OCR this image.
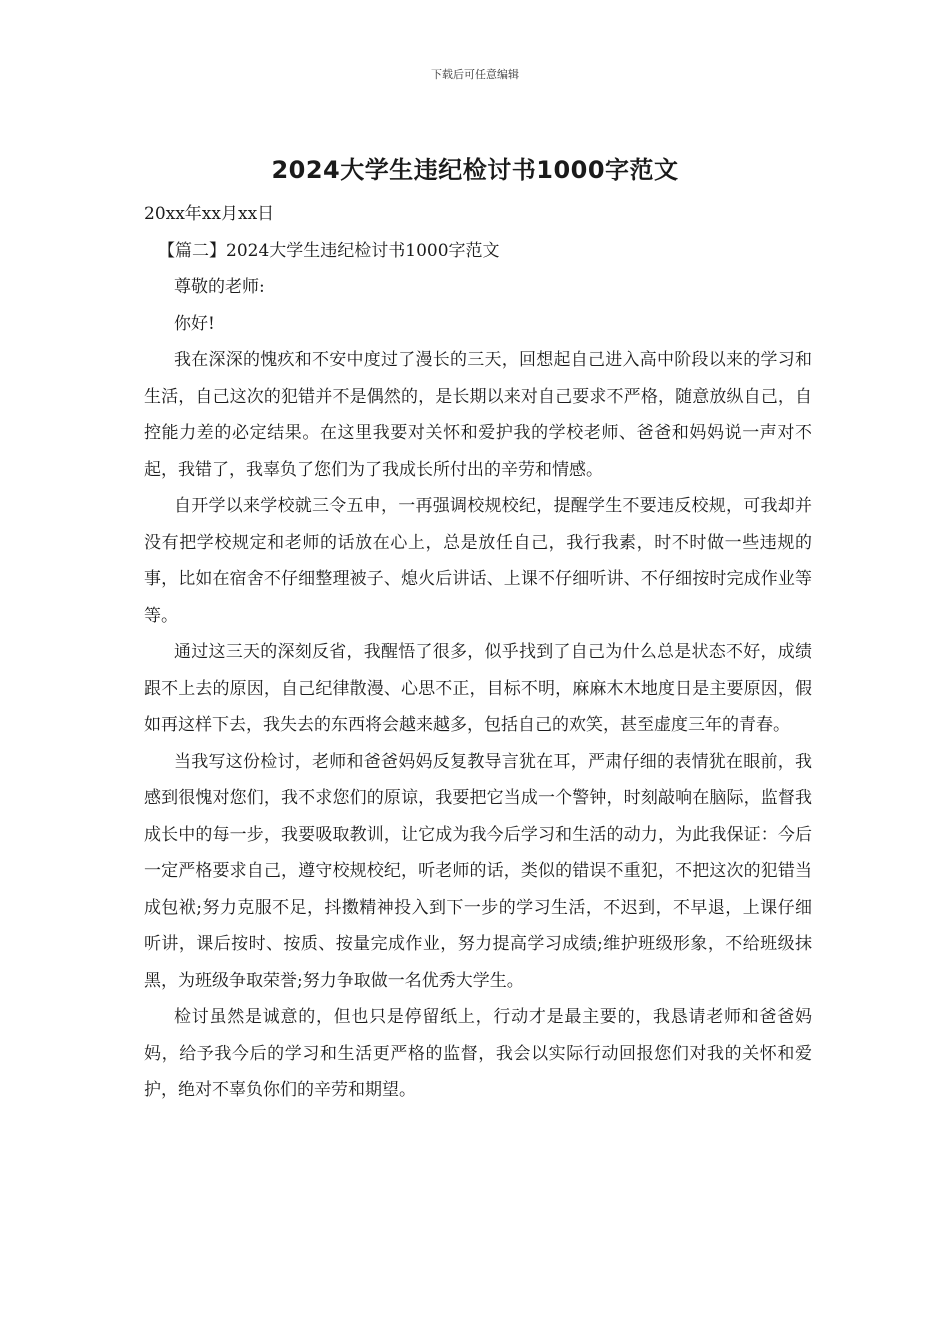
下载后可任意编辑
2024大学生违纪检讨书1000字范文

20xx年xx月xx日

【篇二】2024大学生违纪检讨书1000字范文

尊敬的老师:

你好!

我在深深的愧疚和不安中度过了漫长的三天，回想起自己进入高中阶段以来的学习和生活，自己这次的犯错并不是偶然的，是长期以来对自己要求不严格，随意放纵自己，自控能力差的必定结果。在这里我要对关怀和爱护我的学校老师、爸爸和妈妈说一声对不起，我错了，我辜负了您们为了我成长所付出的辛劳和情感。

自开学以来学校就三令五申，一再强调校规校纪，提醒学生不要违反校规，可我却并没有把学校规定和老师的话放在心上，总是放任自己，我行我素，时不时做一些违规的事，比如在宿舍不仔细整理被子、熄火后讲话、上课不仔细听讲、不仔细按时完成作业等等。

通过这三天的深刻反省，我醒悟了很多，似乎找到了自己为什么总是状态不好，成绩跟不上去的原因，自己纪律散漫、心思不正，目标不明，麻麻木木地度日是主要原因，假如再这样下去，我失去的东西将会越来越多，包括自己的欢笑，甚至虚度三年的青春。

当我写这份检讨，老师和爸爸妈妈反复教导言犹在耳，严肃仔细的表情犹在眼前，我感到很愧对您们，我不求您们的原谅，我要把它当成一个警钟，时刻敲响在脑际，监督我成长中的每一步，我要吸取教训，让它成为我今后学习和生活的动力，为此我保证：今后一定严格要求自己，遵守校规校纪，听老师的话，类似的错误不重犯，不把这次的犯错当成包袱;努力克服不足，抖擞精神投入到下一步的学习生活，不迟到，不早退，上课仔细听讲，课后按时、按质、按量完成作业，努力提高学习成绩;维护班级形象，不给班级抹黑，为班级争取荣誉;努力争取做一名优秀大学生。

检讨虽然是诚意的，但也只是停留纸上，行动才是最主要的，我恳请老师和爸爸妈妈，给予我今后的学习和生活更严格的监督，我会以实际行动回报您们对我的关怀和爱护，绝对不辜负你们的辛劳和期望。
